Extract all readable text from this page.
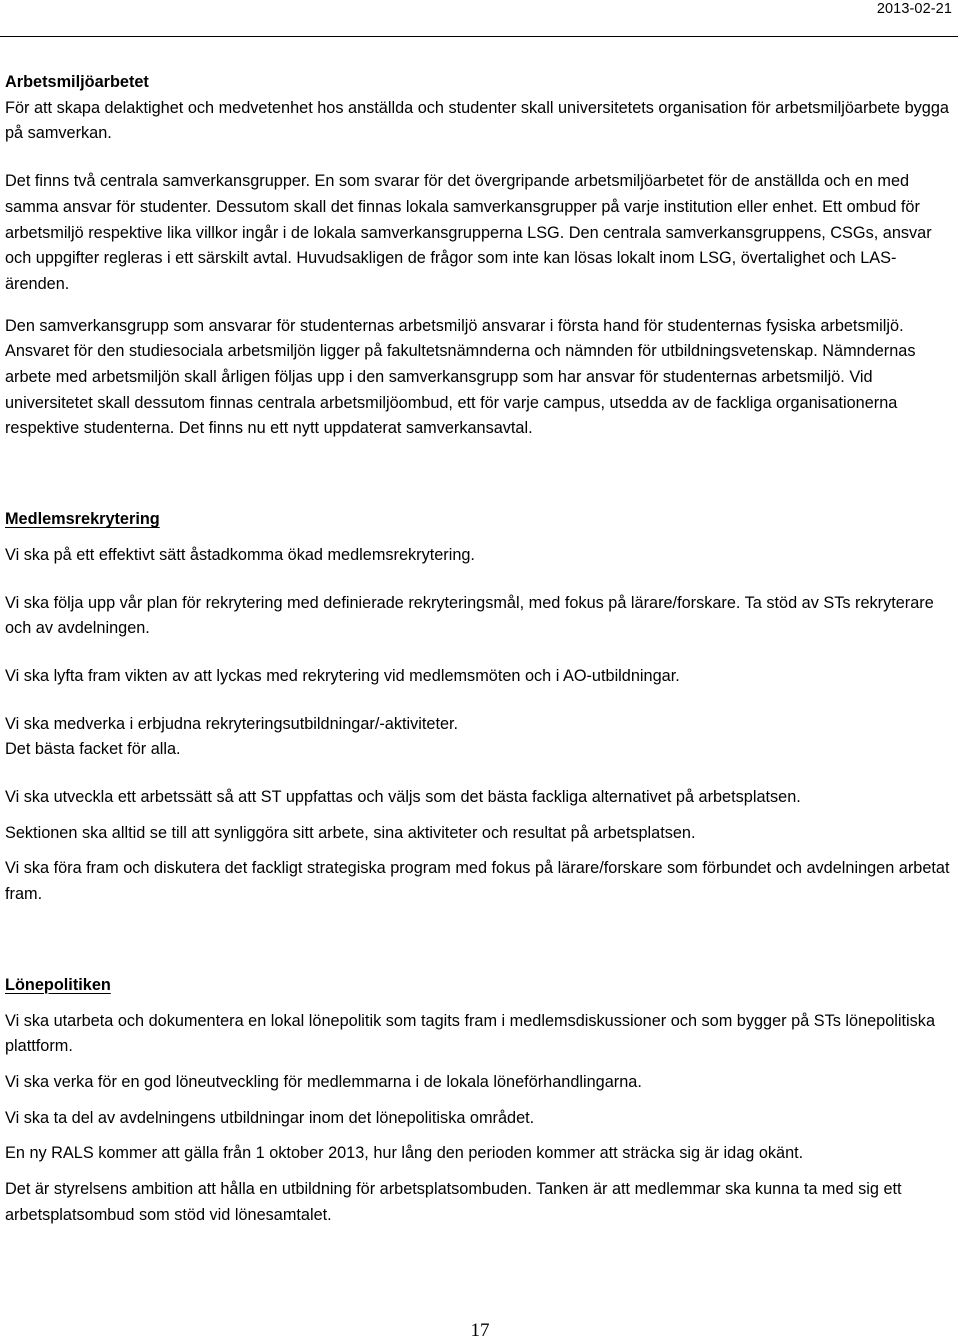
2013-02-21
Arbetsmiljöarbetet

För att skapa delaktighet och medvetenhet hos anställda och studenter skall universitetets organisation för arbetsmiljöarbete bygga på samverkan.

Det finns två centrala samverkansgrupper. En som svarar för det övergripande arbetsmiljöarbetet för de anställda och en med samma ansvar för studenter. Dessutom skall det finnas lokala samverkansgrupper på varje institution eller enhet. Ett ombud för arbetsmiljö respektive lika villkor ingår i de lokala samverkansgrupperna LSG. Den centrala samverkansgruppens, CSGs, ansvar och uppgifter regleras i ett särskilt avtal. Huvudsakligen de frågor som inte kan lösas lokalt inom LSG, övertalighet och LAS-ärenden.

Den samverkansgrupp som ansvarar för studenternas arbetsmiljö ansvarar i första hand för studenternas fysiska arbetsmiljö. Ansvaret för den studiesociala arbetsmiljön ligger på fakultetsnämnderna och nämnden för utbildningsvetenskap. Nämndernas arbete med arbetsmiljön skall årligen följas upp i den samverkansgrupp som har ansvar för studenternas arbetsmiljö. Vid universitetet skall dessutom finnas centrala arbetsmiljöombud, ett för varje campus, utsedda av de fackliga organisationerna respektive studenterna. Det finns nu ett nytt uppdaterat samverkansavtal.

Medlemsrekrytering

Vi ska på ett effektivt sätt åstadkomma ökad medlemsrekrytering.

Vi ska följa upp vår plan för rekrytering med definierade rekryteringsmål, med fokus på lärare/forskare. Ta stöd av STs rekryterare och av avdelningen.

Vi ska lyfta fram vikten av att lyckas med rekrytering vid medlemsmöten och i AO-utbildningar.

Vi ska medverka i erbjudna rekryteringsutbildningar/-aktiviteter.

Det bästa facket för alla.

Vi ska utveckla ett arbetssätt så att ST uppfattas och väljs som det bästa fackliga alternativet på arbetsplatsen.

Sektionen ska alltid se till att synliggöra sitt arbete, sina aktiviteter och resultat på arbetsplatsen.

Vi ska föra fram och diskutera det fackligt strategiska program med fokus på lärare/forskare som förbundet och avdelningen arbetat fram.

Lönepolitiken

Vi ska utarbeta och dokumentera en lokal lönepolitik som tagits fram i medlemsdiskussioner och som bygger på STs lönepolitiska plattform.

Vi ska verka för en god löneutveckling för medlemmarna i de lokala löneförhandlingarna.

Vi ska ta del av avdelningens utbildningar inom det lönepolitiska området.

En ny RALS kommer att gälla från 1 oktober 2013, hur lång den perioden kommer att sträcka sig är idag okänt.

Det är styrelsens ambition att hålla en utbildning för arbetsplatsombuden. Tanken är att medlemmar ska kunna ta med sig ett arbetsplatsombud som stöd vid lönesamtalet.

17
